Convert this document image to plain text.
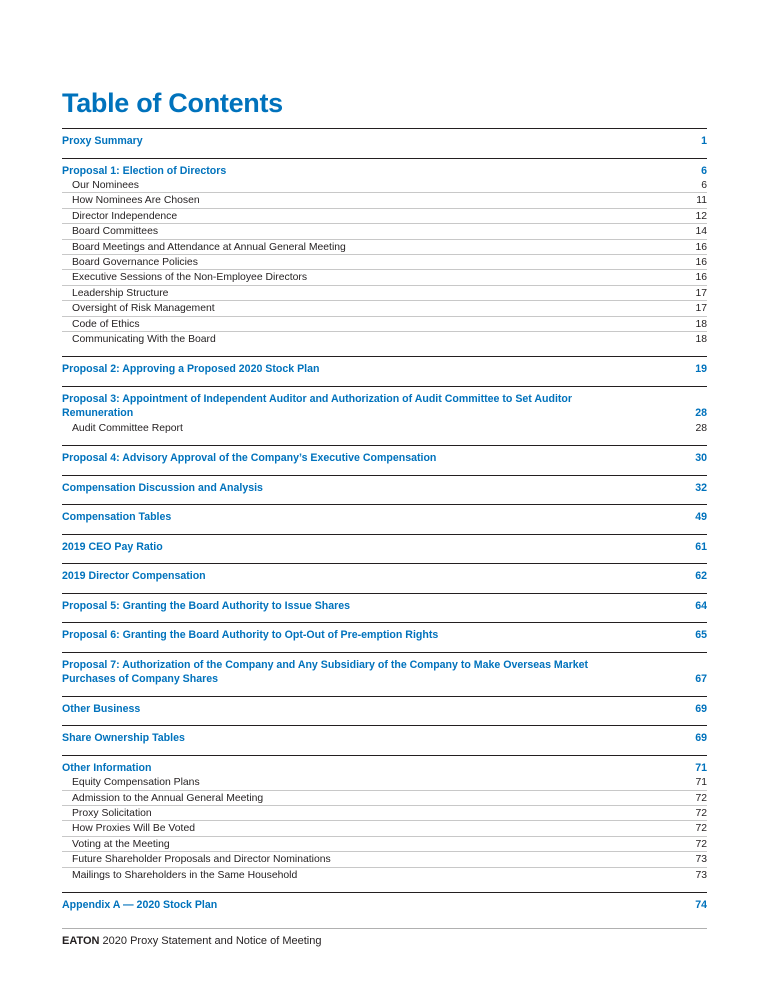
Table of Contents
Proxy Summary	1
Proposal 1: Election of Directors	6
Our Nominees	6
How Nominees Are Chosen	11
Director Independence	12
Board Committees	14
Board Meetings and Attendance at Annual General Meeting	16
Board Governance Policies	16
Executive Sessions of the Non-Employee Directors	16
Leadership Structure	17
Oversight of Risk Management	17
Code of Ethics	18
Communicating With the Board	18
Proposal 2: Approving a Proposed 2020 Stock Plan	19
Proposal 3: Appointment of Independent Auditor and Authorization of Audit Committee to Set Auditor Remuneration	28
Audit Committee Report	28
Proposal 4: Advisory Approval of the Company’s Executive Compensation	30
Compensation Discussion and Analysis	32
Compensation Tables	49
2019 CEO Pay Ratio	61
2019 Director Compensation	62
Proposal 5: Granting the Board Authority to Issue Shares	64
Proposal 6: Granting the Board Authority to Opt-Out of Pre-emption Rights	65
Proposal 7: Authorization of the Company and Any Subsidiary of the Company to Make Overseas Market Purchases of Company Shares	67
Other Business	69
Share Ownership Tables	69
Other Information	71
Equity Compensation Plans	71
Admission to the Annual General Meeting	72
Proxy Solicitation	72
How Proxies Will Be Voted	72
Voting at the Meeting	72
Future Shareholder Proposals and Director Nominations	73
Mailings to Shareholders in the Same Household	73
Appendix A — 2020 Stock Plan	74
EATON 2020 Proxy Statement and Notice of Meeting
